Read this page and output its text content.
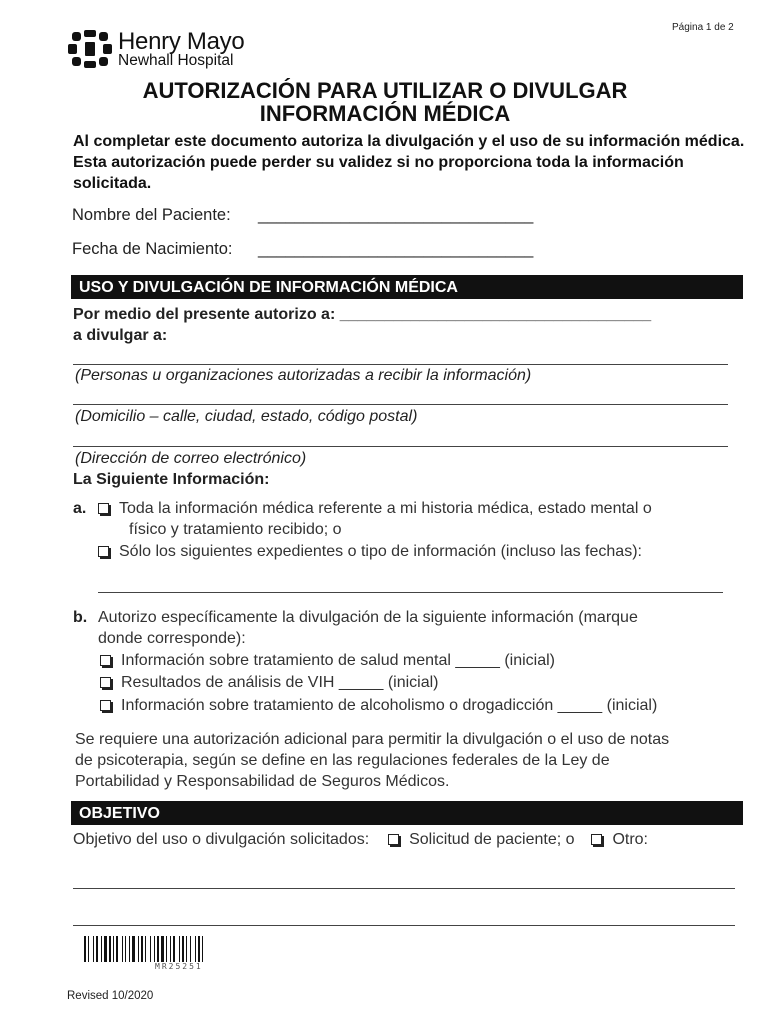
Página 1 de 2
Henry Mayo
Newhall Hospital
AUTORIZACIÓN PARA UTILIZAR O DIVULGAR
INFORMACIÓN MÉDICA
Al completar este documento autoriza la divulgación y el uso de su información médica. Esta autorización puede perder su validez si no proporciona toda la información solicitada.
Nombre del Paciente: ______________________________
Fecha de Nacimiento: ______________________________
USO Y DIVULGACIÓN DE INFORMACIÓN MÉDICA
Por medio del presente autorizo a: ___________________________________
a divulgar a:
(Personas u organizaciones autorizadas a recibir la información)
(Domicilio – calle, ciudad, estado, código postal)
(Dirección de correo electrónico)
La Siguiente Información:
a.	Toda la información médica referente a mi historia médica, estado mental o
físico y tratamiento recibido; o
Sólo los siguientes expedientes o tipo de información (incluso las fechas):
b. Autorizo específicamente la divulgación de la siguiente información (marque
donde corresponde):
Información sobre tratamiento de salud mental _____ (inicial)
Resultados de análisis de VIH _____ (inicial)
Información sobre tratamiento de alcoholismo o drogadicción _____ (inicial)
Se requiere una autorización adicional para permitir la divulgación o el uso de notas
de psicoterapia, según se define en las regulaciones federales de la Ley de
Portabilidad y Responsabilidad de Seguros Médicos.
OBJETIVO
Objetivo del uso o divulgación solicitados: Solicitud de paciente; o Otro:
MR25251
Revised 10/2020
